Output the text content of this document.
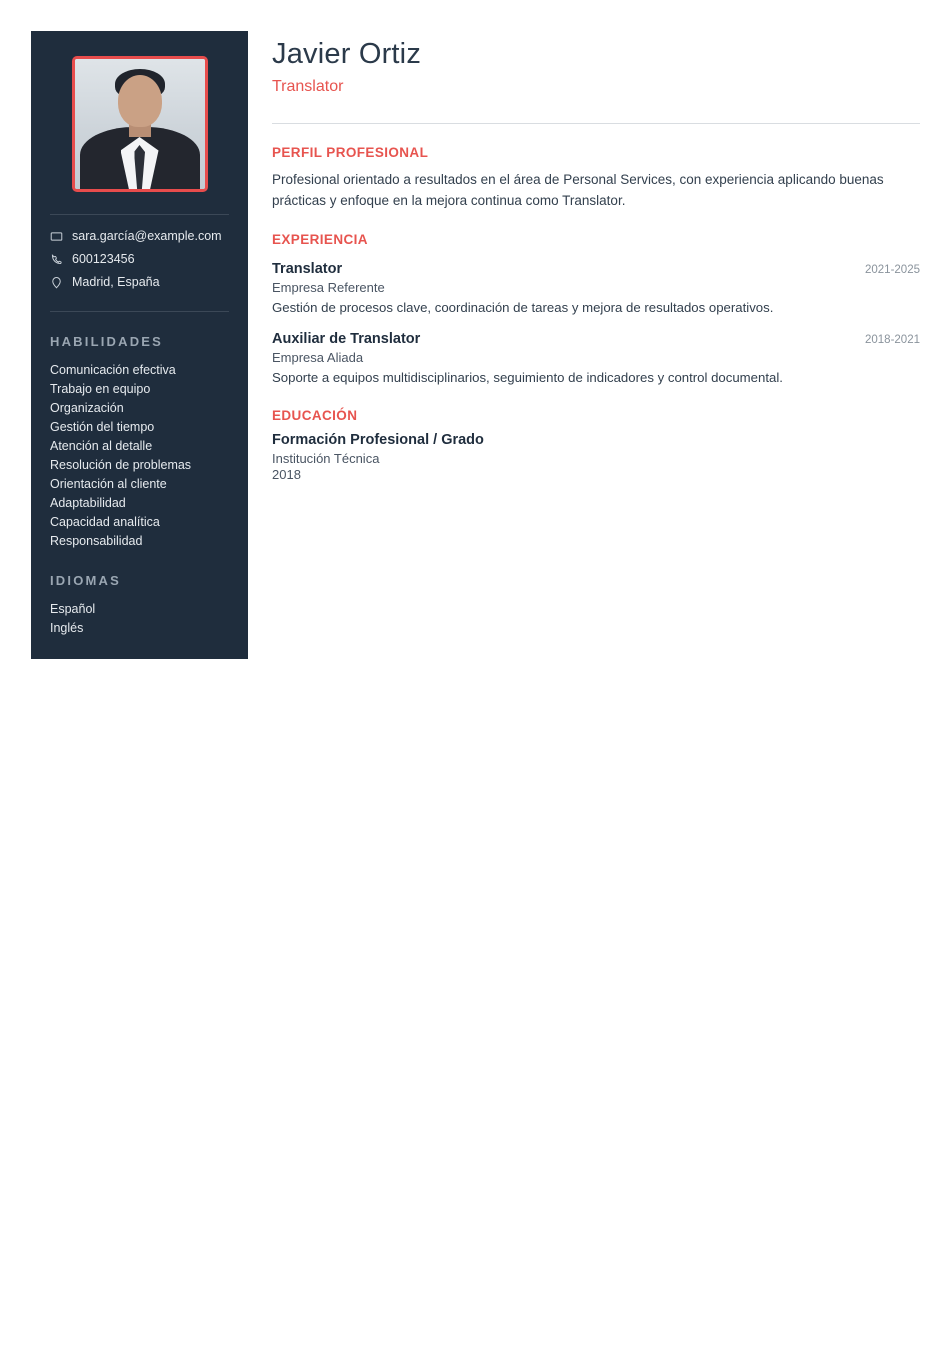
sara.garcía@example.com
600123456
Madrid, España
HABILIDADES
Comunicación efectiva
Trabajo en equipo
Organización
Gestión del tiempo
Atención al detalle
Resolución de problemas
Orientación al cliente
Adaptabilidad
Capacidad analítica
Responsabilidad
IDIOMAS
Español
Inglés
Javier Ortiz
Translator
PERFIL PROFESIONAL

Profesional orientado a resultados en el área de Personal Services, con experiencia aplicando buenas prácticas y enfoque en la mejora continua como Translator.

EXPERIENCIA
Translator	2021-2025
Empresa Referente
Gestión de procesos clave, coordinación de tareas y mejora de resultados operativos.
Auxiliar de Translator	2018-2021
Empresa Aliada
Soporte a equipos multidisciplinarios, seguimiento de indicadores y control documental.
EDUCACIÓN
Formación Profesional / Grado
Institución Técnica
2018
